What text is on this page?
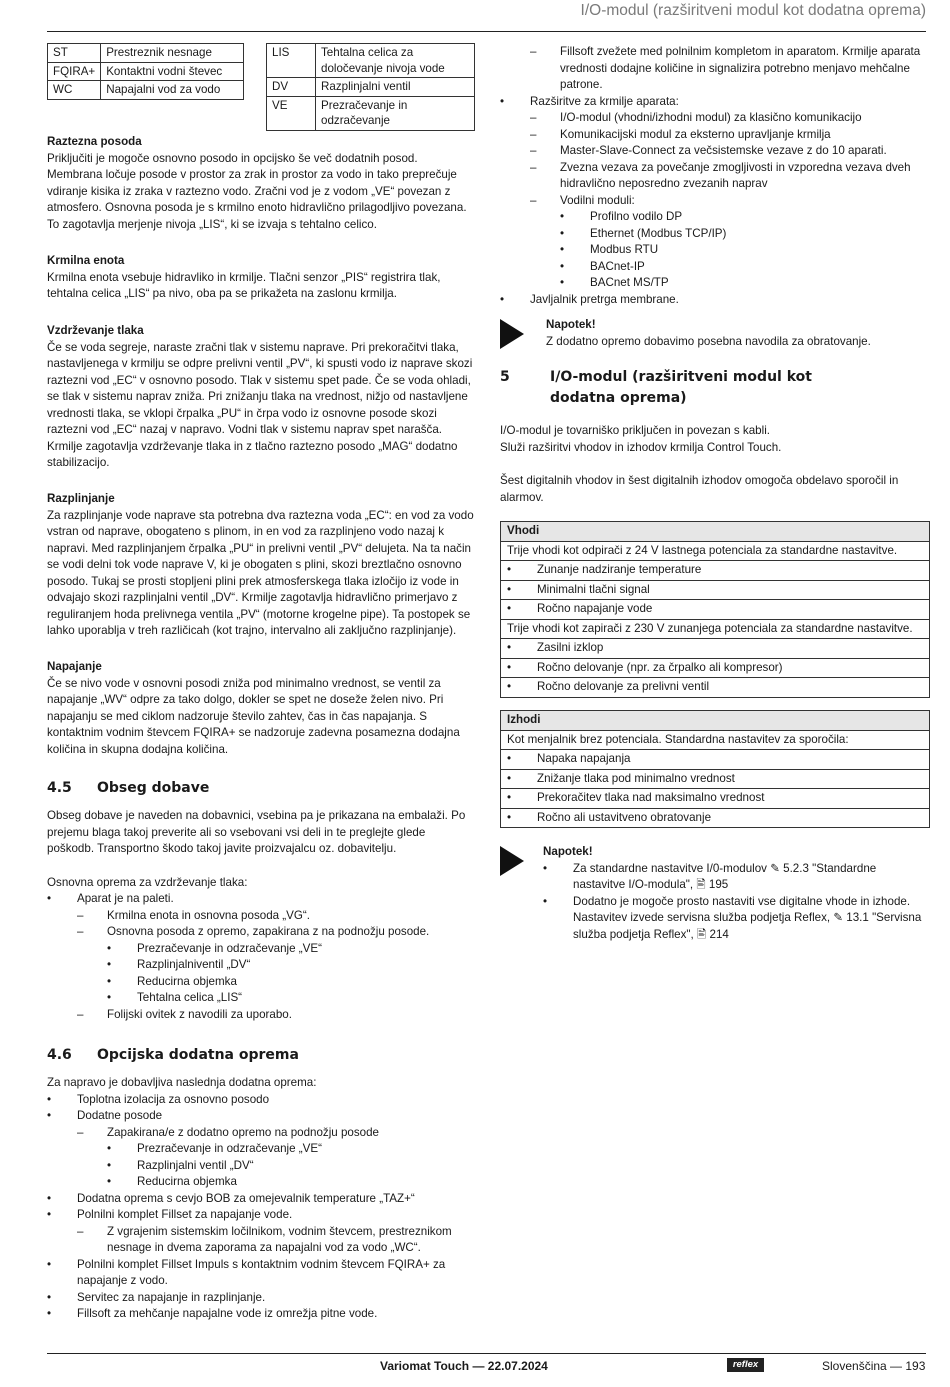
I/O-modul (razširitveni modul kot dodatna oprema)
ST	Prestreznik nesnage
FQIRA+	Kontaktni vodni števec
WC	Napajalni vod za vodo
LIS	Tehtalna celica za določevanje nivoja vode
DV	Razplinjalni ventil
VE	Prezračevanje in odzračevanje

Raztezna posoda

Priključiti je mogoče osnovno posodo in opcijsko še več dodatnih posod. Membrana ločuje posode v prostor za zrak in prostor za vodo in tako preprečuje vdiranje kisika iz zraka v raztezno vodo. Zračni vod je z vodom „VE“ povezan z atmosfero. Osnovna posoda je s krmilno enoto hidravlično prilagodljivo povezana. To zagotavlja merjenje nivoja „LIS“, ki se izvaja s tehtalno celico.

Krmilna enota

Krmilna enota vsebuje hidravliko in krmilje. Tlačni senzor „PIS“ registrira tlak, tehtalna celica „LIS“ pa nivo, oba pa se prikažeta na zaslonu krmilja.

Vzdrževanje tlaka

Če se voda segreje, naraste zračni tlak v sistemu naprave. Pri prekoračitvi tlaka, nastavljenega v krmilju se odpre prelivni ventil „PV“, ki spusti vodo iz naprave skozi raztezni vod „EC“ v osnovno posodo. Tlak v sistemu spet pade. Če se voda ohladi, se tlak v sistemu naprav zniža. Pri znižanju tlaka na vrednost, nižjo od nastavljene vrednosti tlaka, se vklopi črpalka „PU“ in črpa vodo iz osnovne posode skozi raztezni vod „EC“ nazaj v napravo. Vodni tlak v sistemu naprav spet narašča. Krmilje zagotavlja vzdrževanje tlaka in z tlačno raztezno posodo „MAG“ dodatno stabilizacijo.

Razplinjanje

Za razplinjanje vode naprave sta potrebna dva raztezna voda „EC“: en vod za vodo vstran od naprave, obogateno s plinom, in en vod za razplinjeno vodo nazaj k napravi. Med razplinjanjem črpalka „PU“ in prelivni ventil „PV“ delujeta. Na ta način se vodi delni tok vode naprave V, ki je obogaten s plini, skozi breztlačno osnovno posodo. Tukaj se prosti stopljeni plini prek atmosferskega tlaka izločijo iz vode in odvajajo skozi razplinjalni ventil „DV“. Krmilje zagotavlja hidravlično primerjavo z reguliranjem hoda prelivnega ventila „PV“ (motorne krogelne pipe). Ta postopek se lahko uporablja v treh različicah (kot trajno, intervalno ali zaključno razplinjanje).

Napajanje

Če se nivo vode v osnovni posodi zniža pod minimalno vrednost, se ventil za napajanje „WV“ odpre za tako dolgo, dokler se spet ne doseže želen nivo. Pri napajanju se med ciklom nadzoruje število zahtev, čas in čas napajanja. S kontaktnim vodnim števcem FQIRA+ se nadzoruje zadevna posamezna dodajna količina in skupna dodajna količina.

4.5 Obseg dobave

Obseg dobave je naveden na dobavnici, vsebina pa je prikazana na embalaži. Po prejemu blaga takoj preverite ali so vsebovani vsi deli in te preglejte glede poškodb. Transportno škodo takoj javite proizvajalcu oz. dobavitelju.

Osnovna oprema za vzdrževanje tlaka:

•	Aparat je na paleti.
–	Krmilna enota in osnovna posoda „VG“.
–	Osnovna posoda z opremo, zapakirana z na podnožju posode.
•	Prezračevanje in odzračevanje „VE“
•	Razplinjalniventil „DV“
•	Reducirna objemka
•	Tehtalna celica „LIS“
–	Folijski ovitek z navodili za uporabo.
4.6 Opcijska dodatna oprema

Za napravo je dobavljiva naslednja dodatna oprema:

•	Toplotna izolacija za osnovno posodo
•	Dodatne posode
–	Zapakirana/e z dodatno opremo na podnožju posode
•	Prezračevanje in odzračevanje „VE“
•	Razplinjalni ventil „DV“
•	Reducirna objemka
•	Dodatna oprema s cevjo BOB za omejevalnik temperature „TAZ+“
•	Polnilni komplet Fillset za napajanje vode.
–	Z vgrajenim sistemskim ločilnikom, vodnim števcem, prestreznikom nesnage in dvema zaporama za napajalni vod za vodo „WC“.
•	Polnilni komplet Fillset Impuls s kontaktnim vodnim števcem FQIRA+ za napajanje z vodo.
•	Servitec za napajanje in razplinjanje.
•	Fillsoft za mehčanje napajalne vode iz omrežja pitne vode.
–	Fillsoft zvežete med polnilnim kompletom in aparatom. Krmilje aparata vrednosti dodajne količine in signalizira potrebno menjavo mehčalne patrone.
•	Razširitve za krmilje aparata:
–	I/O-modul (vhodni/izhodni modul) za klasično komunikacijo
–	Komunikacijski modul za eksterno upravljanje krmilja
–	Master-Slave-Connect za večsistemske vezave z do 10 aparati.
–	Zvezna vezava za povečanje zmogljivosti in vzporedna vezava dveh hidravlično neposredno zvezanih naprav
–	Vodilni moduli:
•	Profilno vodilo DP
•	Ethernet (Modbus TCP/IP)
•	Modbus RTU
•	BACnet-IP
•	BACnet MS/TP
•	Javljalnik pretrga membrane.

Napotek!

Z dodatno opremo dobavimo posebna navodila za obratovanje.

5	I/O-modul (razširitveni modul kot dodatna oprema)

I/O-modul je tovarniško priključen in povezan s kabli.

Služi razširitvi vhodov in izhodov krmilja Control Touch.

Šest digitalnih vhodov in šest digitalnih izhodov omogoča obdelavo sporočil in alarmov.

Vhodi
Trije vhodi kot odpirači z 24 V lastnega potenciala za standardne nastavitve.
•	Zunanje nadziranje temperature
•	Minimalni tlačni signal
•	Ročno napajanje vode
Trije vhodi kot zapirači z 230 V zunanjega potenciala za standardne nastavitve.
•	Zasilni izklop
•	Ročno delovanje (npr. za črpalko ali kompresor)
•	Ročno delovanje za prelivni ventil
Izhodi
Kot menjalnik brez potenciala. Standardna nastavitev za sporočila:
•	Napaka napajanja
•	Znižanje tlaka pod minimalno vrednost
•	Prekoračitev tlaka nad maksimalno vrednost
•	Ročno ali ustavitveno obratovanje

Napotek!

•	Za standardne nastavitve I/0-modulov ✎ 5.2.3 "Standardne nastavitve I/O-modula", 🖹 195
•	Dodatno je mogoče prosto nastaviti vse digitalne vhode in izhode. Nastavitev izvede servisna služba podjetja Reflex, ✎ 13.1 "Servisna služba podjetja Reflex", 🖹 214
Variomat Touch — 22.07.2024	reflex	Slovenščina — 193
